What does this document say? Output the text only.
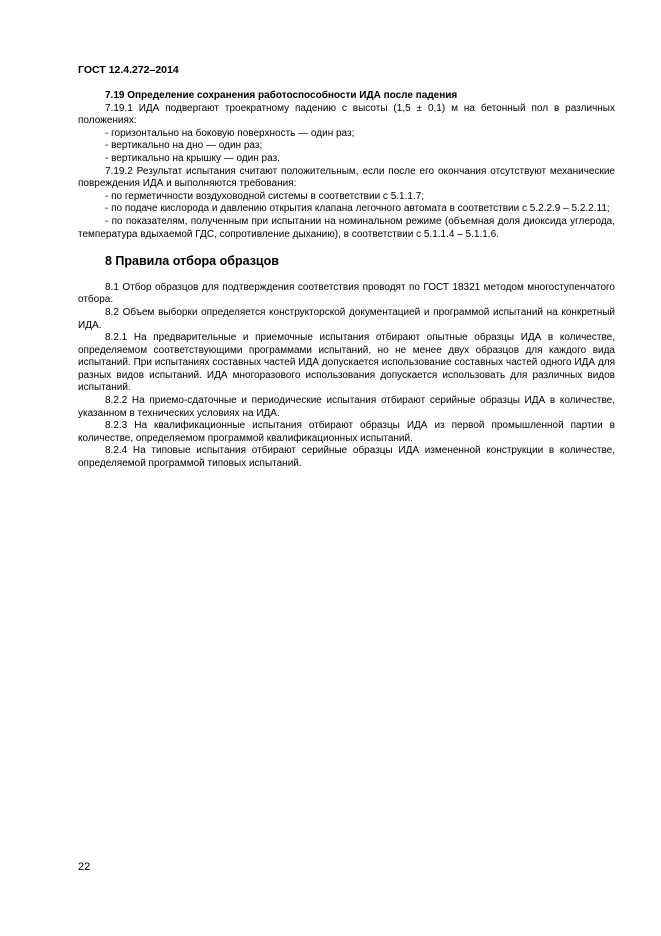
ГОСТ 12.4.272–2014

7.19 Определение сохранения работоспособности ИДА после падения

7.19.1 ИДА подвергают троекратному падению с высоты (1,5 ± 0,1) м на бетонный пол в различных положениях:

- горизонтально на боковую поверхность — один раз;

- вертикально на дно — один раз;

- вертикально на крышку — один раз.

7.19.2 Результат испытания считают положительным, если после его окончания отсутствуют механические повреждения ИДА и выполняются требования:

- по герметичности воздуховодной системы в соответствии с 5.1.1.7;

- по подаче кислорода и давлению открытия клапана легочного автомата в соответствии с 5.2.2.9 – 5.2.2.11;

- по показателям, полученным при испытании на номинальном режиме (объемная доля диоксида углерода, температура вдыхаемой ГДС, сопротивление дыханию), в соответствии с 5.1.1.4 – 5.1.1.6.

8 Правила отбора образцов

8.1 Отбор образцов для подтверждения соответствия проводят по ГОСТ 18321 методом многоступенчатого отбора.

8.2 Объем выборки определяется конструкторской документацией и программой испытаний на конкретный ИДА.

8.2.1 На предварительные и приемочные испытания отбирают опытные образцы ИДА в количестве, определяемом соответствующими программами испытаний, но не менее двух образцов для каждого вида испытаний. При испытаниях составных частей ИДА допускается использование составных частей одного ИДА для разных видов испытаний. ИДА многоразового использования допускается использовать для различных видов испытаний.

8.2.2 На приемо-сдаточные и периодические испытания отбирают серийные образцы ИДА в количестве, указанном в технических условиях на ИДА.

8.2.3 На квалификационные испытания отбирают образцы ИДА из первой промышленной партии в количестве, определяемом программой квалификационных испытаний.

8.2.4 На типовые испытания отбирают серийные образцы ИДА измененной конструкции в количестве, определяемой программой типовых испытаний.

22
